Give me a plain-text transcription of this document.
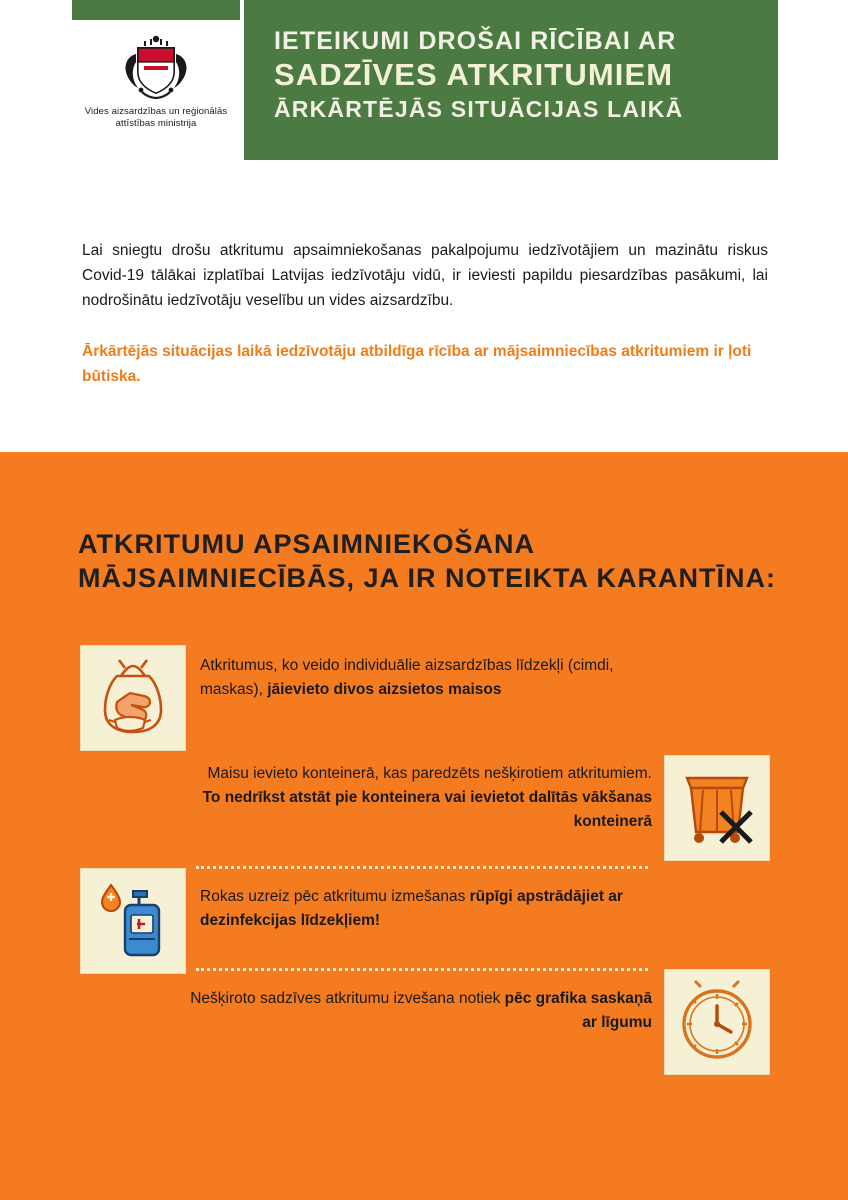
Vides aizsardzības un reģionālās attīstības ministrija
IETEIKUMI DROŠAI RĪCĪBAI AR
SADZĪVES ATKRITUMIEM
ĀRKĀRTĒJĀS SITUĀCIJAS LAIKĀ

Lai sniegtu drošu atkritumu apsaimniekošanas pakalpojumu iedzīvotājiem un mazinātu riskus Covid-19 tālākai izplatībai Latvijas iedzīvotāju vidū, ir ieviesti papildu piesardzības pasākumi, lai nodrošinātu iedzīvotāju veselību un vides aizsardzību.

Ārkārtējās situācijas laikā iedzīvotāju atbildīga rīcība ar mājsaimniecības atkritumiem ir ļoti būtiska.

ATKRITUMU APSAIMNIEKOŠANA
MĀJSAIMNIECĪBĀS, JA IR NOTEIKTA KARANTĪNA:
Atkritumus, ko veido individuālie aizsardzības līdzekļi (cimdi, maskas), jāievieto divos aizsietos maisos
Maisu ievieto konteinerā, kas paredzēts nešķirotiem atkritumiem. To nedrīkst atstāt pie konteinera vai ievietot dalītās vākšanas konteinerā
Rokas uzreiz pēc atkritumu izmešanas rūpīgi apstrādājiet ar dezinfekcijas līdzekļiem!
Nešķiroto sadzīves atkritumu izvešana notiek pēc grafika saskaņā ar līgumu
